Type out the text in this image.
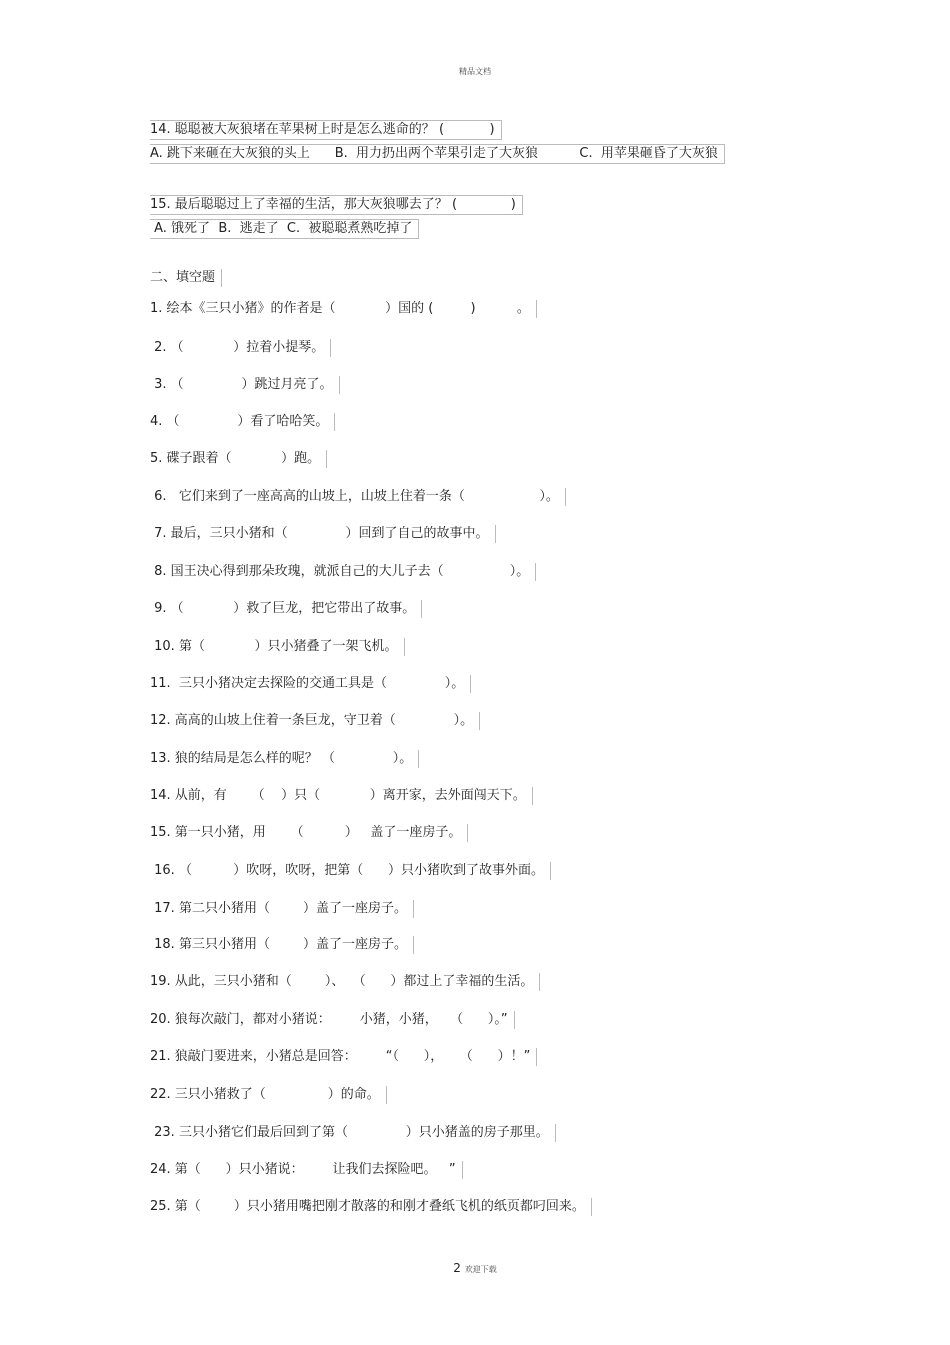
精品文档
14. 聪聪被大灰狼堵在苹果树上时是怎么逃命的？ (           )
A. 跳下来砸在大灰狼的头上      B.  用力扔出两个苹果引走了大灰狼          C.  用苹果砸昏了大灰狼
15. 最后聪聪过上了幸福的生活，那大灰狼哪去了？ (             )
A. 饿死了  B.  逃走了  C.  被聪聪煮熟吃掉了
二、填空题
1. 绘本《三只小猪》的作者是（            ）国的 (         )          。
2. （            ）拉着小提琴。
3. （              ）跳过月亮了。
4. （              ）看了哈哈笑。
5. 碟子跟着（            ）跑。
6.   它们来到了一座高高的山坡上，山坡上住着一条（                  ）。
7. 最后，三只小猪和（              ）回到了自己的故事中。
8. 国王决心得到那朵玫瑰，就派自己的大儿子去（                ）。
9. （            ）救了巨龙，把它带出了故事。
10. 第（            ）只小猪叠了一架飞机。
11.  三只小猪决定去探险的交通工具是（              ）。
12. 高高的山坡上住着一条巨龙，守卫着（              ）。
13. 狼的结局是怎么样的呢？ （              ）。
14. 从前，有      （    ）只（            ）离开家，去外面闯天下。
15. 第一只小猪，用      （          ）   盖了一座房子。
16. （          ）吹呀，吹呀，把第（      ）只小猪吹到了故事外面。
17. 第二只小猪用（        ）盖了一座房子。
18. 第三只小猪用（        ）盖了一座房子。
19. 从此，三只小猪和（        ）、  （      ）都过上了幸福的生活。
20. 狼每次敲门，都对小猪说：       小猪，小猪，   （      ）。”
21. 狼敲门要进来，小猪总是回答：       “（      ），    （      ）！”
22. 三只小猪救了（               ）的命。
23. 三只小猪它们最后回到了第（              ）只小猪盖的房子那里。
24. 第（      ）只小猪说：       让我们去探险吧。   ”
25. 第（        ）只小猪用嘴把刚才散落的和刚才叠纸飞机的纸页都叼回来。
2 欢迎下载
